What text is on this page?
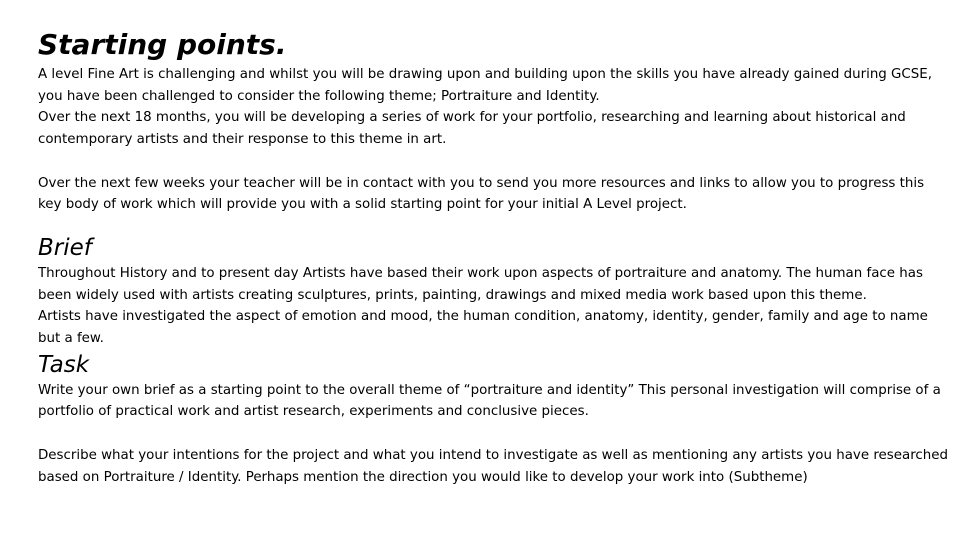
Starting points.

A level Fine Art is challenging and whilst you will be drawing upon and building upon the skills you have already gained during GCSE, you have been challenged to consider the following theme; Portraiture and Identity.

Over the next 18 months, you will be developing a series of work for your portfolio, researching and learning about historical and contemporary artists and their response to this theme in art.

Over the next few weeks your teacher will be in contact with you to send you more resources and links to allow you to progress this key body of work which will provide you with a solid starting point for your initial A Level project.

Brief

Throughout History and to present day Artists have based their work upon aspects of portraiture and anatomy. The human face has been widely used with artists creating sculptures, prints, painting, drawings and mixed media work based upon this theme.

Artists have investigated the aspect of emotion and mood, the human condition, anatomy, identity, gender, family and age to name but a few.

Task

Write your own brief as a starting point to the overall theme of “portraiture and identity” This personal investigation will comprise of a portfolio of practical work and artist research, experiments and conclusive pieces.

Describe what your intentions for the project and what you intend to investigate as well as mentioning any artists you have researched based on Portraiture / Identity. Perhaps mention the direction you would like to develop your work into (Subtheme)
